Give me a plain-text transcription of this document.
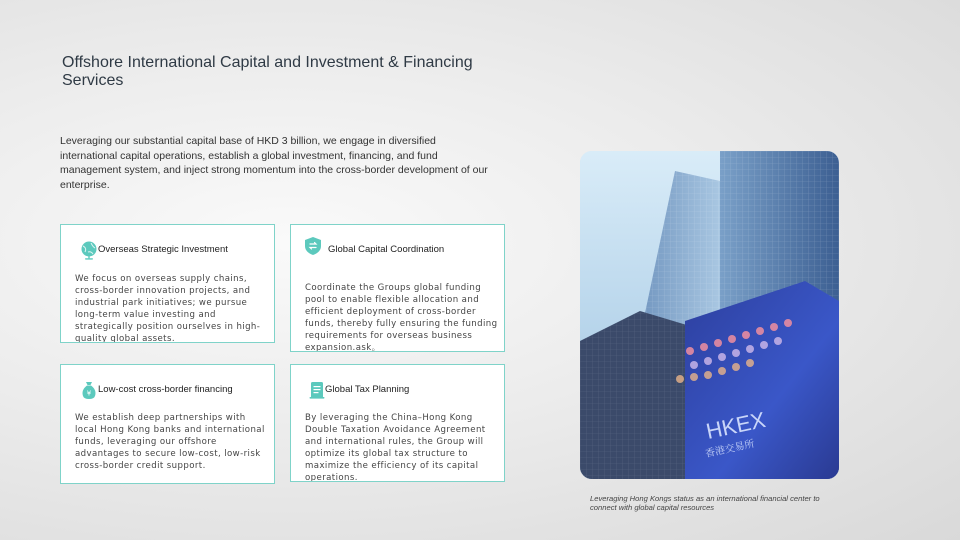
Offshore International Capital and Investment & Financing Services
Leveraging our substantial capital base of HKD 3 billion, we engage in diversified international capital operations, establish a global investment, financing, and fund management system, and inject strong momentum into the cross-border development of our enterprise.
Overseas Strategic Investment
We focus on overseas supply chains, cross-border innovation projects, and industrial park initiatives; we pursue long-term value investing and strategically position ourselves in high-quality global assets.
Global Capital Coordination
Coordinate the Groups global funding pool to enable flexible allocation and efficient deployment of cross-border funds, thereby fully ensuring the funding requirements for overseas business expansion.ask。
¥ Low-cost cross-border financing
We establish deep partnerships with local Hong Kong banks and international funds, leveraging our offshore advantages to secure low-cost, low-risk cross-border credit support.
Global Tax Planning
By leveraging the China–Hong Kong Double Taxation Avoidance Agreement and international rules, the Group will optimize its global tax structure to maximize the efficiency of its capital operations.
HKEX
香港交易所
Leveraging Hong Kongs status as an international financial center to connect with global capital resources
